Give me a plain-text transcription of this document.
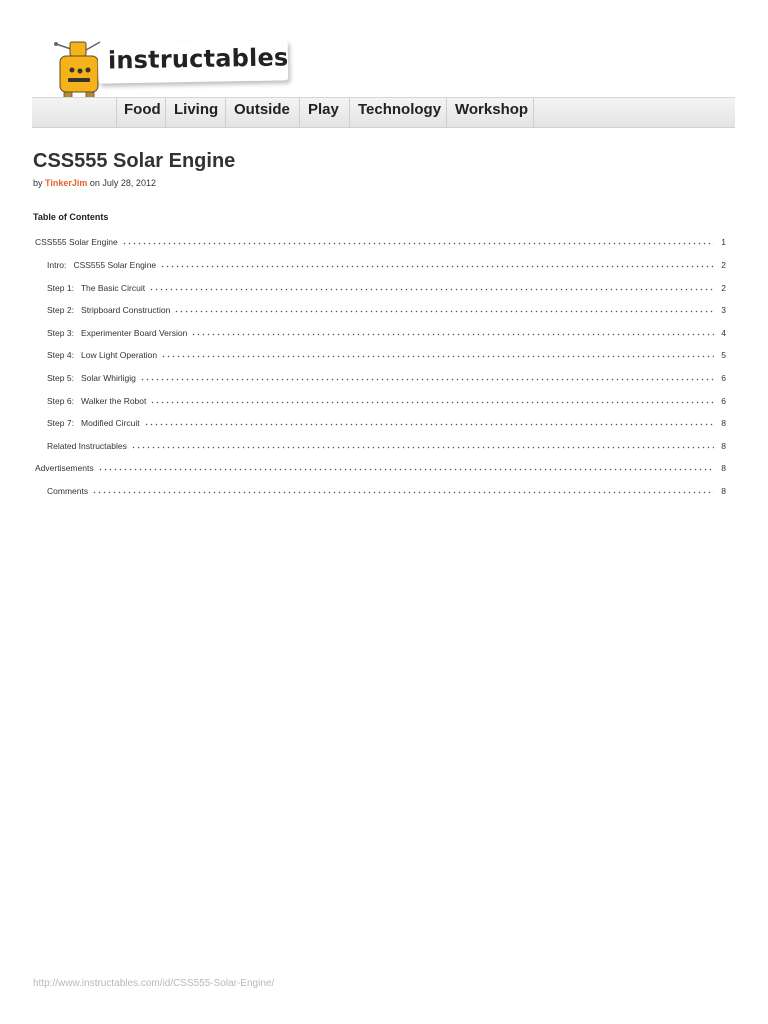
instructables
Food Living	Outside	Play	Technology Workshop
CSS555 Solar Engine
by TinkerJim on July 28, 2012
Table of Contents
CSS555 Solar Engine	1
Intro:   CSS555 Solar Engine	2
Step 1:   The Basic Circuit	2
Step 2:   Stripboard Construction	3
Step 3:   Experimenter Board Version	4
Step 4:   Low Light Operation	5
Step 5:   Solar Whirligig	6
Step 6:   Walker the Robot	6
Step 7:   Modified Circuit	8
Related Instructables	8
Advertisements	8
Comments	8
http://www.instructables.com/id/CSS555-Solar-Engine/
